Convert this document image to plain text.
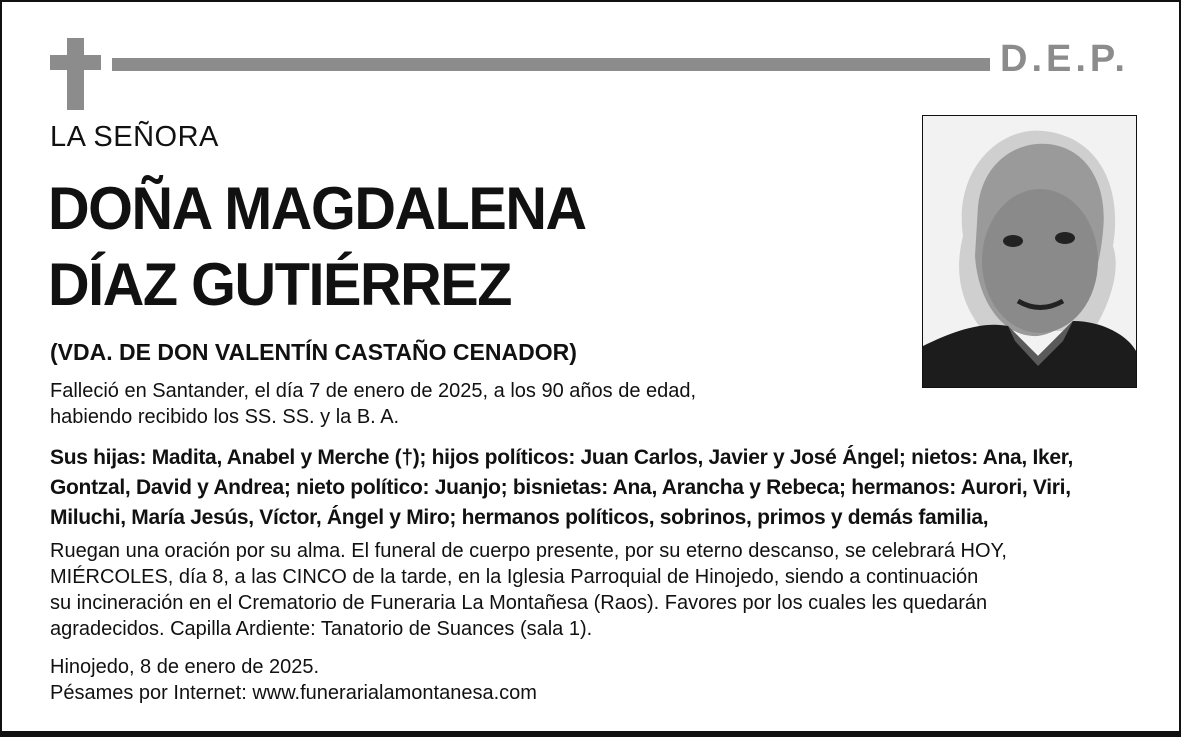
D.E.P.
LA SEÑORA
DOÑA MAGDALENA
DÍAZ GUTIÉRREZ
(VDA. DE DON VALENTÍN CASTAÑO CENADOR)
Falleció en Santander, el día 7 de enero de 2025, a los 90 años de edad,
habiendo recibido los SS. SS. y la B. A.
Sus hijas: Madita, Anabel y Merche (†); hijos políticos: Juan Carlos, Javier y José Ángel; nietos: Ana, Iker,
Gontzal, David y Andrea; nieto político: Juanjo; bisnietas: Ana, Arancha y Rebeca; hermanos: Aurori, Viri,
Miluchi, María Jesús, Víctor, Ángel y Miro; hermanos políticos, sobrinos, primos y demás familia,
Ruegan una oración por su alma. El funeral de cuerpo presente, por su eterno descanso, se celebrará HOY,
MIÉRCOLES, día 8, a las CINCO de la tarde, en la Iglesia Parroquial de Hinojedo, siendo a continuación
su incineración en el Crematorio de Funeraria La Montañesa (Raos). Favores por los cuales les quedarán
agradecidos. Capilla Ardiente: Tanatorio de Suances (sala 1).
Hinojedo, 8 de enero de 2025.
Pésames por Internet: www.funerarialamontanesa.com
